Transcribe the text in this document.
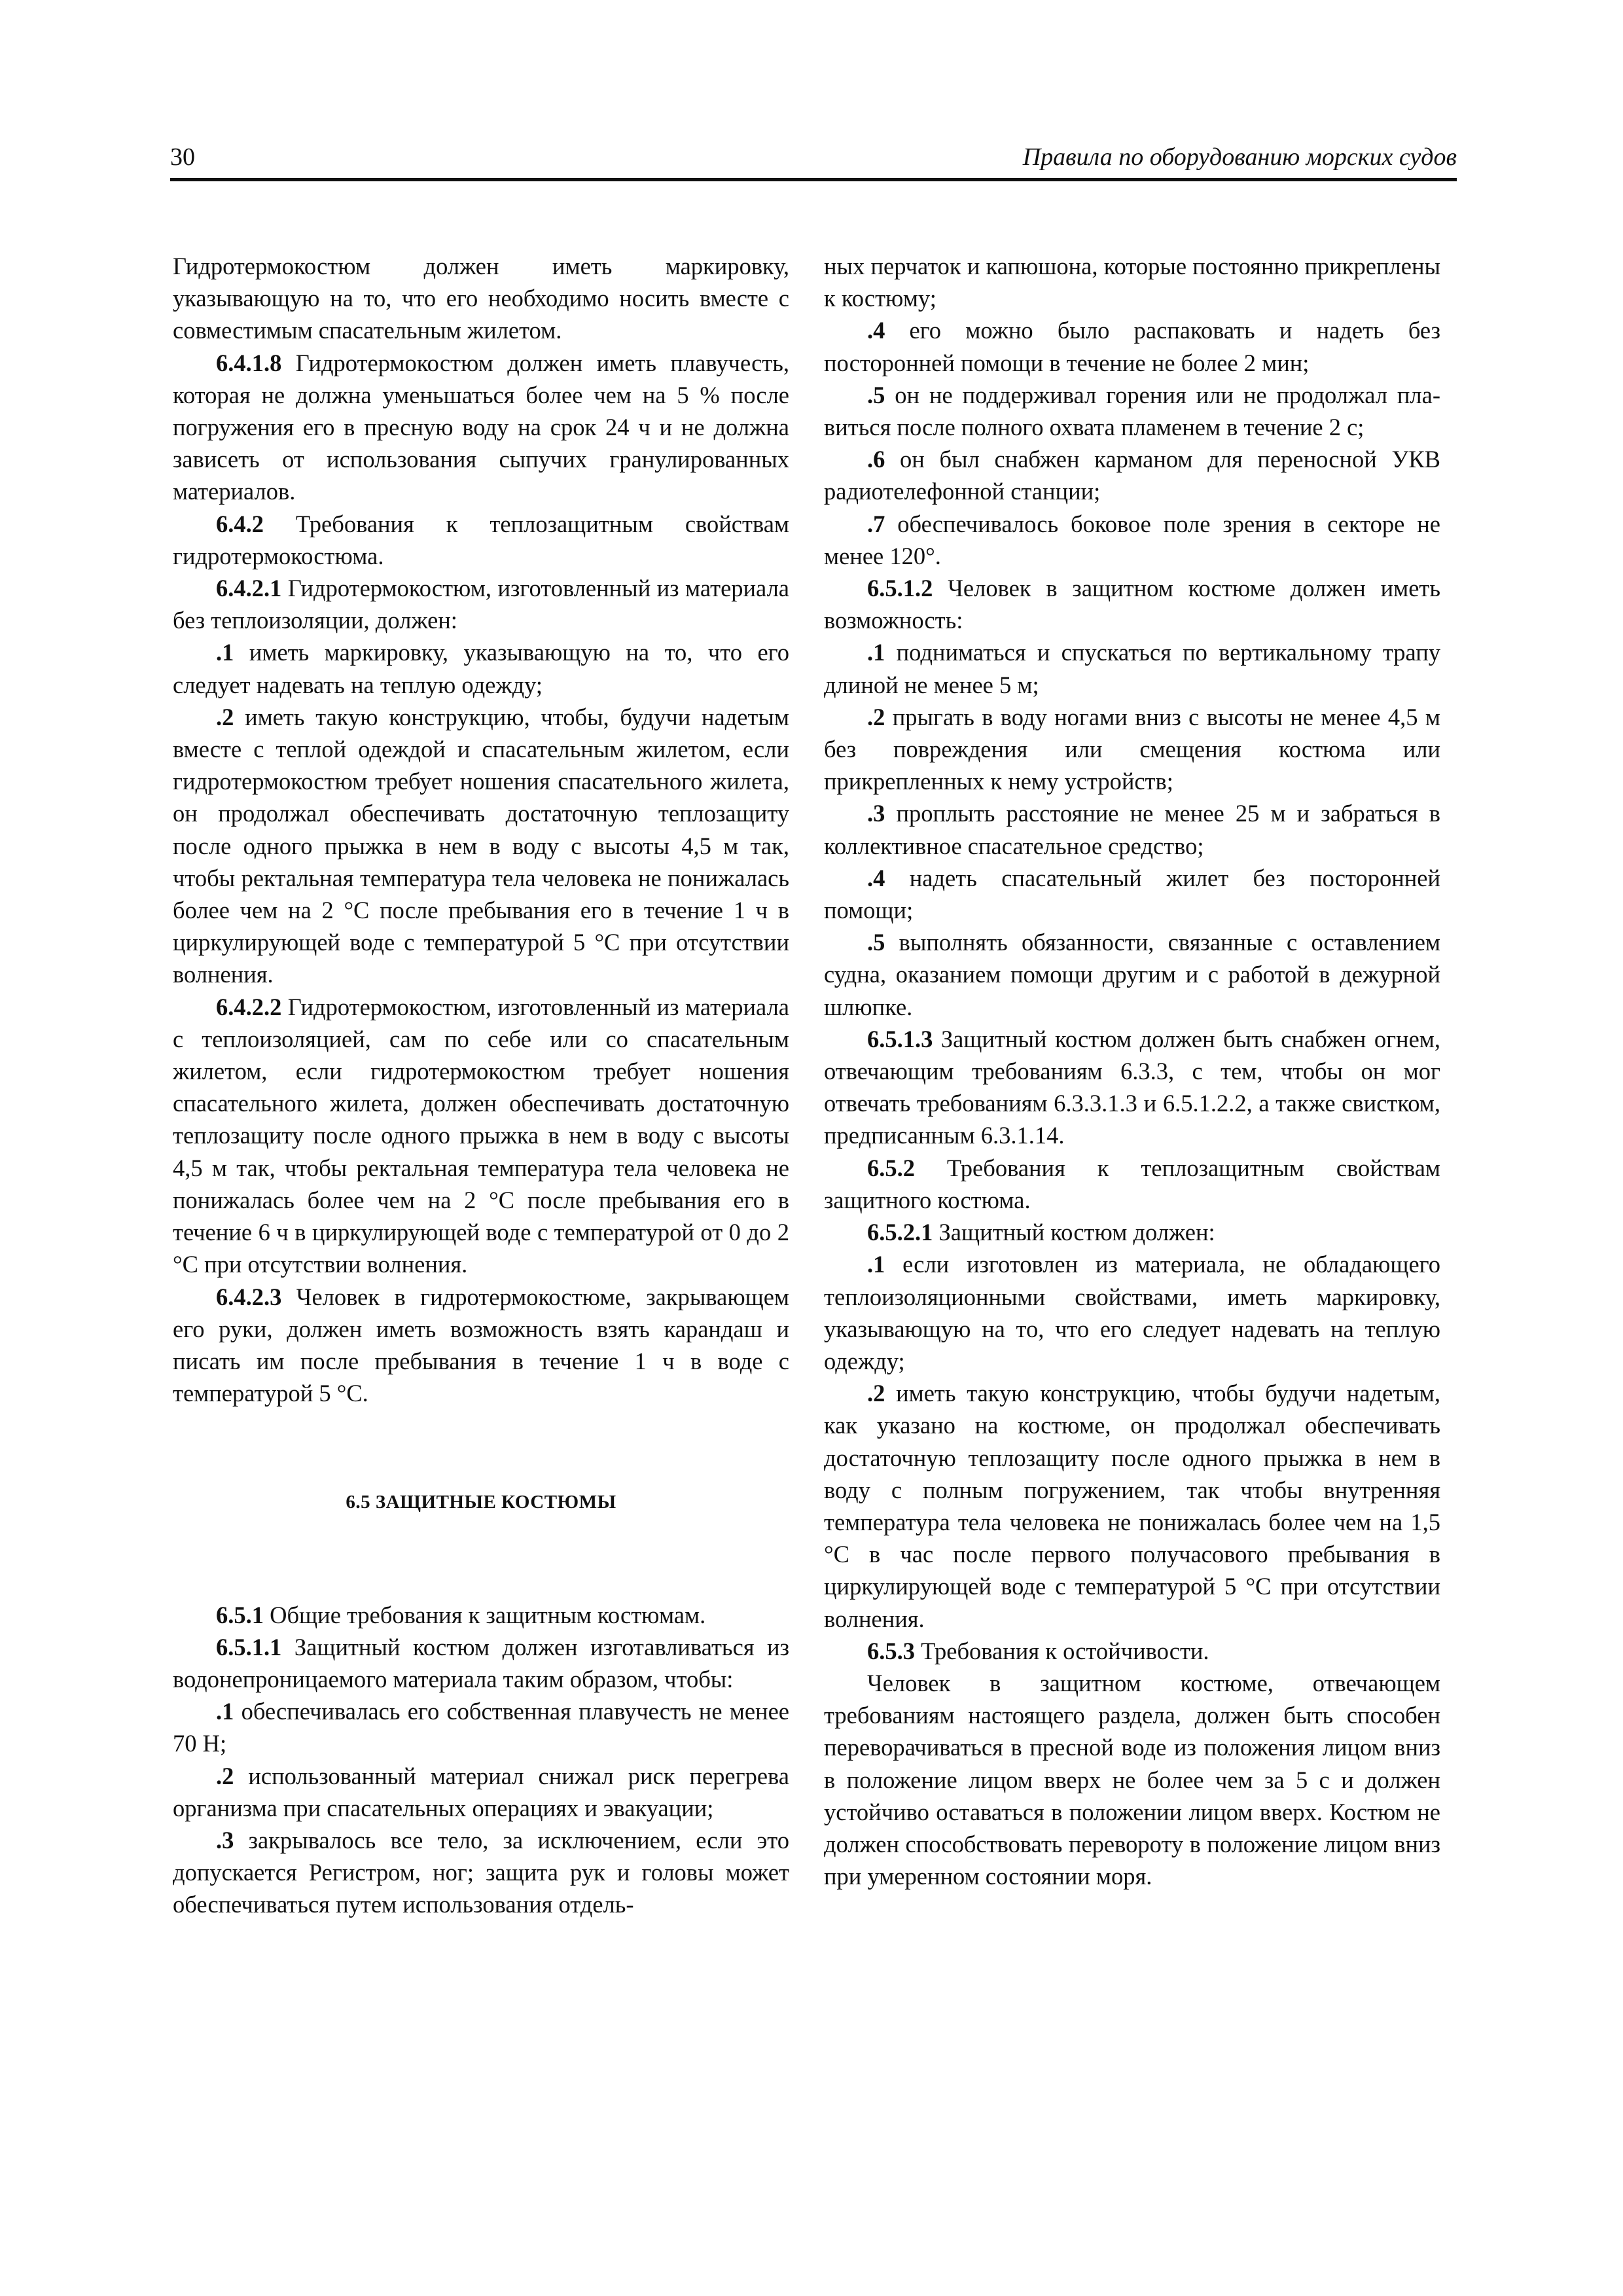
30	Правила по оборудованию морских судов

Гидротермокостюм должен иметь маркировку, указывающую на то, что его необходимо носить вместе с совместимым спасательным жилетом.

6.4.1.8 Гидротермокостюм должен иметь плавучесть, которая не должна уменьшаться более чем на 5 % после погружения его в пресную воду на срок 24 ч и не должна зависеть от использования сыпучих гранулированных материалов.

6.4.2 Требования к теплозащитным свойствам гидротермокостюма.

6.4.2.1 Гидротермокостюм, изготовленный из материала без теплоизоляции, должен:

.1 иметь маркировку, указывающую на то, что его следует надевать на теплую одежду;

.2 иметь такую конструкцию, чтобы, будучи надетым вместе с теплой одеждой и спасательным жилетом, если гидротермокостюм требует ношения спасательного жилета, он продолжал обеспечивать достаточную теплозащиту после одного прыжка в нем в воду с высоты 4,5 м так, чтобы ректальная температура тела человека не понижалась более чем на 2 °С после пребывания его в течение 1 ч в циркулирующей воде с температурой 5 °С при отсутствии волнения.

6.4.2.2 Гидротермокостюм, изготовленный из материала с теплоизоляцией, сам по себе или со спасательным жилетом, если гидротермокостюм требует ношения спасательного жилета, должен обеспечивать достаточную теплозащиту после одного прыжка в нем в воду с высоты 4,5 м так, чтобы ректальная температура тела человека не понижалась более чем на 2 °С после пребывания его в течение 6 ч в циркулирующей воде с температурой от 0 до 2 °С при отсутствии волнения.

6.4.2.3 Человек в гидротермокостюме, закрывающем его руки, должен иметь возможность взять карандаш и писать им после пребывания в течение 1 ч в воде с температурой 5 °С.

6.5 ЗАЩИТНЫЕ КОСТЮМЫ

6.5.1 Общие требования к защитным костюмам.

6.5.1.1 Защитный костюм должен изготавливаться из водонепроницаемого материала таким образом, чтобы:

.1 обеспечивалась его собственная плавучесть не менее 70 Н;

.2 использованный материал снижал риск перегрева организма при спасательных операциях и эвакуации;

.3 закрывалось все тело, за исключением, если это допускается Регистром, ног; защита рук и головы может обеспечиваться путем использования отдель-

ных перчаток и капюшона, которые постоянно прикреплены к костюму;

.4 его можно было распаковать и надеть без посторонней помощи в течение не более 2 мин;

.5 он не поддерживал горения или не продолжал пла-виться после полного охвата пламенем в течение 2 с;

.6 он был снабжен карманом для переносной УКВ радиотелефонной станции;

.7 обеспечивалось боковое поле зрения в секторе не менее 120°.

6.5.1.2 Человек в защитном костюме должен иметь возможность:

.1 подниматься и спускаться по вертикальному трапу длиной не менее 5 м;

.2 прыгать в воду ногами вниз с высоты не менее 4,5 м без повреждения или смещения костюма или прикрепленных к нему устройств;

.3 проплыть расстояние не менее 25 м и забраться в коллективное спасательное средство;

.4 надеть спасательный жилет без посторонней помощи;

.5 выполнять обязанности, связанные с оставлением судна, оказанием помощи другим и с работой в дежурной шлюпке.

6.5.1.3 Защитный костюм должен быть снабжен огнем, отвечающим требованиям 6.3.3, с тем, чтобы он мог отвечать требованиям 6.3.3.1.3 и 6.5.1.2.2, а также свистком, предписанным 6.3.1.14.

6.5.2 Требования к теплозащитным свойствам защитного костюма.

6.5.2.1 Защитный костюм должен:

.1 если изготовлен из материала, не обладающего теплоизоляционными свойствами, иметь маркировку, указывающую на то, что его следует надевать на теплую одежду;

.2 иметь такую конструкцию, чтобы будучи надетым, как указано на костюме, он продолжал обеспечивать достаточную теплозащиту после одного прыжка в нем в воду с полным погружением, так чтобы внутренняя температура тела человека не понижалась более чем на 1,5 °С в час после первого получасового пребывания в циркулирующей воде с температурой 5 °С при отсутствии волнения.

6.5.3 Требования к остойчивости.

Человек в защитном костюме, отвечающем требованиям настоящего раздела, должен быть способен переворачиваться в пресной воде из положения лицом вниз в положение лицом вверх не более чем за 5 с и должен устойчиво оставаться в положении лицом вверх. Костюм не должен способствовать перевороту в положение лицом вниз при умеренном состоянии моря.
